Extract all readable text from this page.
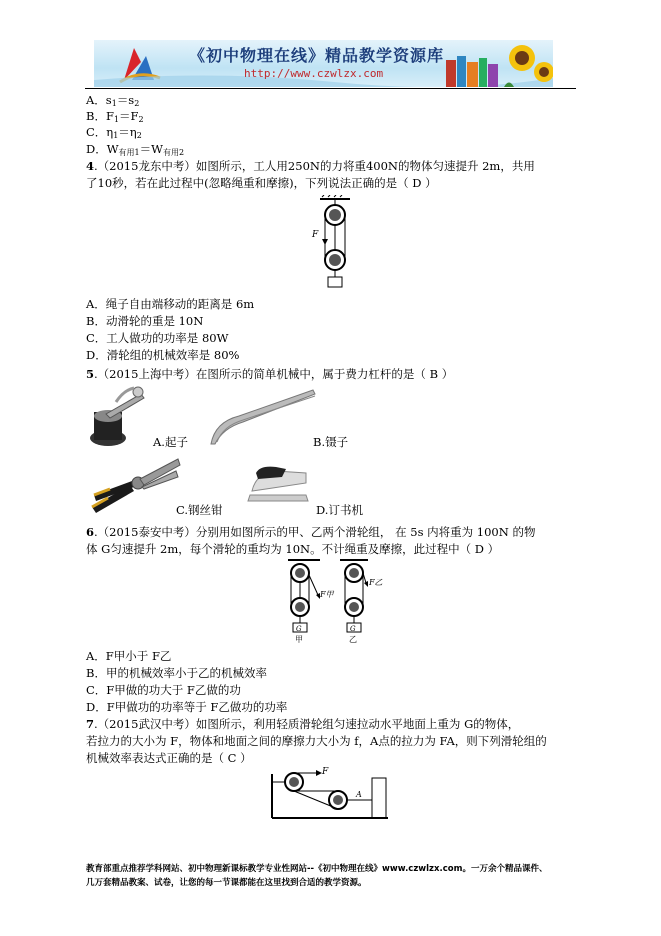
《初中物理在线》精品教学资源库
http://www.czwlzx.com
A．$s_1=s_2$
B．$F_1=F_2$
C．$\eta_1=\eta_2$
D．$W_{有用1}=W_{有用2}$
4.（2015龙东中考）如图所示，工人用250N的力将重400N的物体匀速提升 2m，共用
了10秒，若在此过程中(忽略绳重和摩擦)，下列说法正确的是（ D ）
F
A．绳子自由端移动的距离是 6m
B．动滑轮的重是 10N
C．工人做功的功率是 80W
D．滑轮组的机械效率是 80%
5.（2015上海中考）在图所示的简单机械中，属于费力杠杆的是（ B ）
A.起子	B.镊子
C.钢丝钳	D.订书机
6.（2015泰安中考）分别用如图所示的甲、乙两个滑轮组， 在 5s 内将重为 100N 的物
体 G匀速提升 2m，每个滑轮的重均为 10N。不计绳重及摩擦，此过程中（ D ）
F甲
G
甲
F乙
G
乙
A．F甲小于 F乙
B．甲的机械效率小于乙的机械效率
C．F甲做的功大于 F乙做的功
D．F甲做功的功率等于 F乙做功的功率
7.（2015武汉中考）如图所示，利用轻质滑轮组匀速拉动水平地面上重为 G的物体，
若拉力的大小为 F，物体和地面之间的摩擦力大小为 f，A点的拉力为 FA，则下列滑轮组的
机械效率表达式正确的是（ C ）
F
A
教育部重点推荐学科网站、初中物理新课标教学专业性网站--《初中物理在线》www.czwlzx.com。一万余个精品课件、
几万套精品教案、试卷，让您的每一节课都能在这里找到合适的教学资源。
